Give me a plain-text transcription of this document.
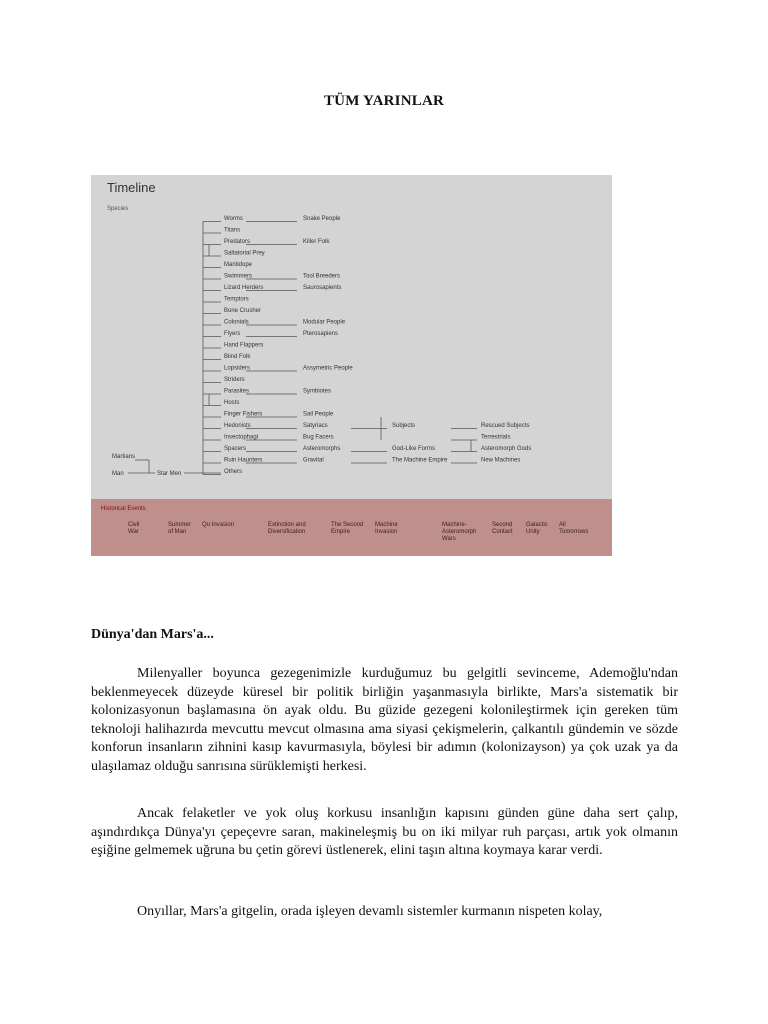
TÜM YARINLAR
Timeline
Species
Historical Events
Worms
Titans
Predators
Saltatorial Prey
Mantidope
Swimmers
Lizard Herders
Temptors
Bone Crusher
Colonials
Flyers
Hand Flappers
Blind Folk
Lopsiders
Striders
Parasites
Hosts
Finger Fishers
Hedonists
Insectophagi
Spacers
Ruin Haunters
Others
Martians
Man	Star Men
Snake People
Killer Folk
Tool Breeders
Saurosapients
Modular People
Pterosapiens
Assymetric People
Symbiotes
Sail People
Satyriacs
Bug Facers
Asteromorphs
Gravital
Subjects
God-Like Forms
The Machine Empire
Rescued Subjects
Terrestrials
Asteromorph Gods
New Machines
Civil
War
Summer
of Man
Qu Invasion	Extinction and
Diversification
The Second
Empire
Machine
Invasion
Machine-
Asteromorph
Wars
Second
Contact
Galactic
Unity
All
Tomorrows
Dünya'dan Mars'a...

Milenyaller boyunca gezegenimizle kurduğumuz bu gelgitli sevinceme, Ademoğlu'ndan beklenmeyecek düzeyde küresel bir politik birliğin yaşanmasıyla birlikte, Mars'a sistematik bir kolonizasyonun başlamasına ön ayak oldu. Bu güzide gezegeni kolonileştirmek için gereken tüm teknoloji halihazırda mevcuttu mevcut olmasına ama siyasi çekişmelerin, çalkantılı gündemin ve sözde konforun insanların zihnini kasıp kavurmasıyla, böylesi bir adımın (kolonizayson) ya çok uzak ya da ulaşılamaz olduğu sanrısına sürüklemişti herkesi.

Ancak felaketler ve yok oluş korkusu insanlığın kapısını günden güne daha sert çalıp, aşındırdıkça Dünya'yı çepeçevre saran, makineleşmiş bu on iki milyar ruh parçası, artık yok olmanın eşiğine gelmemek uğruna bu çetin görevi üstlenerek, elini taşın altına koymaya karar verdi.

Onyıllar, Mars'a gitgelin, orada işleyen devamlı sistemler kurmanın nispeten kolay,
